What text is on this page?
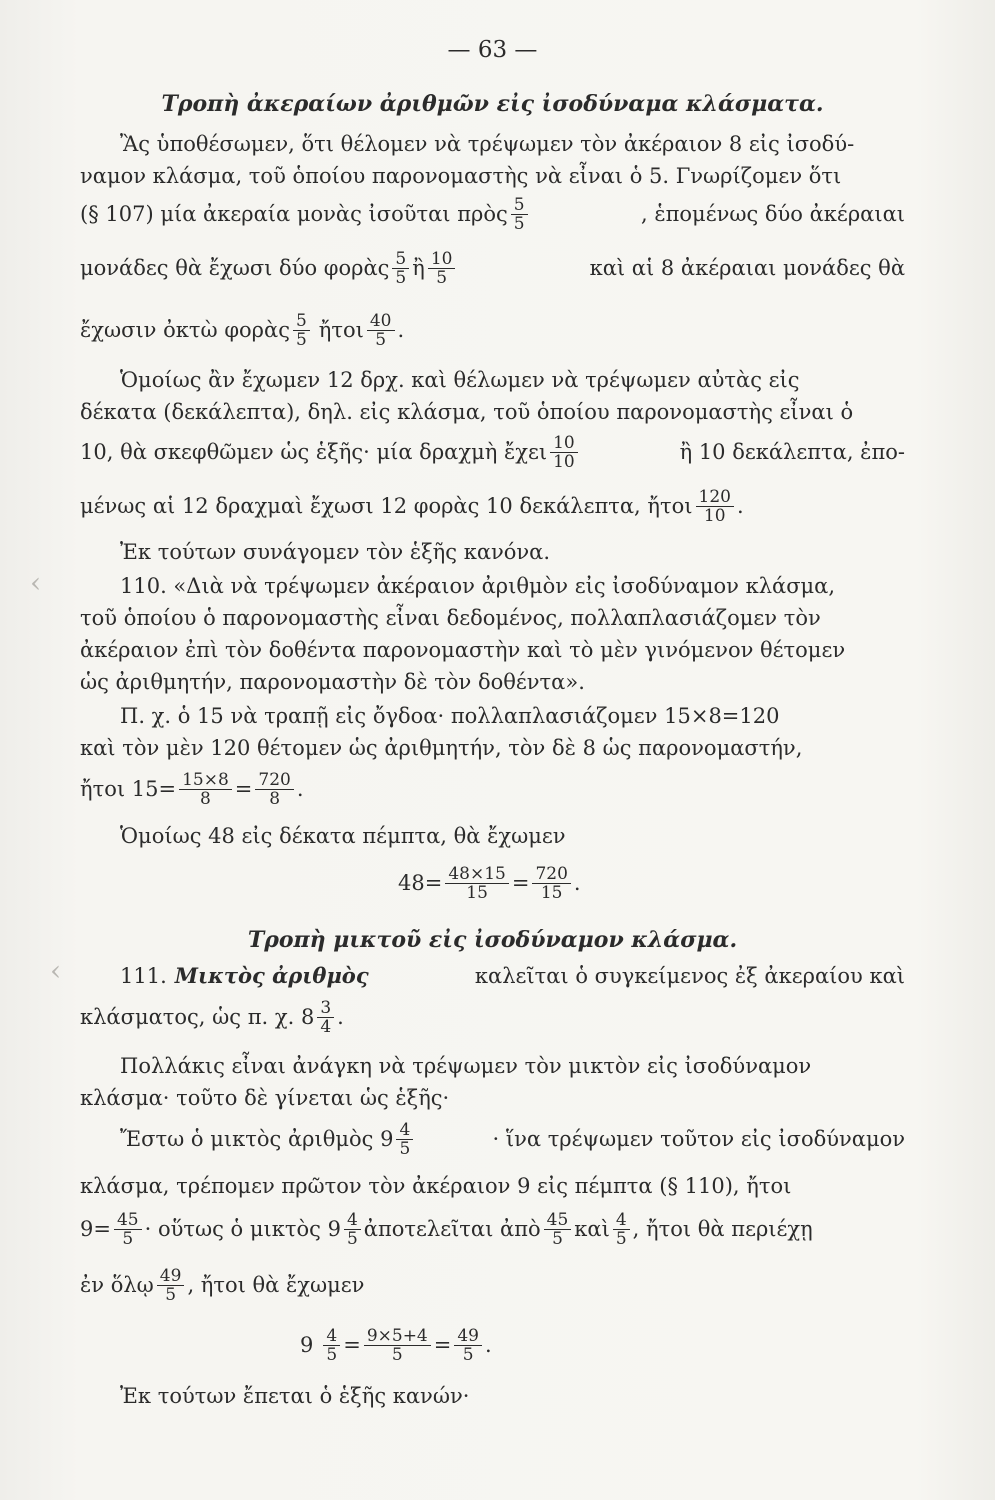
— 63 —
Τροπὴ ἀκεραίων ἀριθμῶν εἰς ἰσοδύναμα κλάσματα.
Ἂς ὑποθέσωμεν, ὅτι θέλομεν νὰ τρέψωμεν τὸν ἀκέραιον 8 εἰς ἰσοδύ-
ναμον κλάσμα, τοῦ ὁποίου παρονομαστὴς νὰ εἶναι ὁ 5. Γνωρίζομεν ὅτι
(§ 107) μία ἀκεραία μονὰς ἰσοῦται πρὸς $\frac{5}{5}$	, ἑπομένως δύο ἀκέραιαι
μονάδες θὰ ἔχωσι δύο φορὰς $\frac{5}{5}$ ἢ $\frac{10}{5}$	καὶ αἱ 8 ἀκέραιαι μονάδες θὰ
ἔχωσιν ὀκτὼ φορὰς $\frac{5}{5}$ ἤτοι $\frac{40}{5}$ .
Ὁμοίως ἂν ἔχωμεν 12 δρχ. καὶ θέλωμεν νὰ τρέψωμεν αὐτὰς εἰς
δέκατα (δεκάλεπτα), δηλ. εἰς κλάσμα, τοῦ ὁποίου παρονομαστὴς εἶναι ὁ
10, θὰ σκεφθῶμεν ὡς ἑξῆς· μία δραχμὴ ἔχει $\frac{10}{10}$	ἢ 10 δεκάλεπτα, ἐπο-
μένως αἱ 12 δραχμαὶ ἔχωσι 12 φορὰς 10 δεκάλεπτα, ἤτοι $\frac{120}{10}$ .
Ἐκ τούτων συνάγομεν τὸν ἑξῆς κανόνα.
110. «Διὰ νὰ τρέψωμεν ἀκέραιον ἀριθμὸν εἰς ἰσοδύναμον κλάσμα,
τοῦ ὁποίου ὁ παρονομαστὴς εἶναι δεδομένος, πολλαπλασιάζομεν τὸν
ἀκέραιον ἐπὶ τὸν δοθέντα παρονομαστὴν καὶ τὸ μὲν γινόμενον θέτομεν
ὡς ἀριθμητήν, παρονομαστὴν δὲ τὸν δοθέντα».
Π. χ. ὁ 15 νὰ τραπῇ εἰς ὄγδοα· πολλαπλασιάζομεν 15×8=120
καὶ τὸν μὲν 120 θέτομεν ὡς ἀριθμητήν, τὸν δὲ 8 ὡς παρονομαστήν,
ἤτοι $15= \frac{15\times 8}{8} = \frac{720}{8}$ .
Ὁμοίως 48 εἰς δέκατα πέμπτα, θὰ ἔχωμεν
$48= \frac{48\times 15}{15} = \frac{720}{15}$ .
Τροπὴ μικτοῦ εἰς ἰσοδύναμον κλάσμα.
111. Μικτὸς ἀριθμὸς	καλεῖται ὁ συγκείμενος ἐξ ἀκεραίου καὶ
κλάσματος, ὡς π. χ. $8 \frac{3}{4}$ .
Πολλάκις εἶναι ἀνάγκη νὰ τρέψωμεν τὸν μικτὸν εἰς ἰσοδύναμον
κλάσμα· τοῦτο δὲ γίνεται ὡς ἑξῆς·
Ἔστω ὁ μικτὸς ἀριθμὸς $9 \frac{4}{5}$	· ἵνα τρέψωμεν τοῦτον εἰς ἰσοδύναμον
κλάσμα, τρέπομεν πρῶτον τὸν ἀκέραιον 9 εἰς πέμπτα (§ 110), ἤτοι
$9= \frac{45}{5}$ · οὕτως ὁ μικτὸς $9 \frac{4}{5}$ ἀποτελεῖται ἀπὸ $\frac{45}{5}$ καὶ $\frac{4}{5}$ , ἤτοι θὰ περιέχῃ
ἐν ὅλῳ $\frac{49}{5}$ , ἤτοι θὰ ἔχωμεν
$9 \frac{4}{5} = \frac{9\times 5+4}{5} = \frac{49}{5}$ .
Ἐκ τούτων ἔπεται ὁ ἑξῆς κανών·
‹
‹
